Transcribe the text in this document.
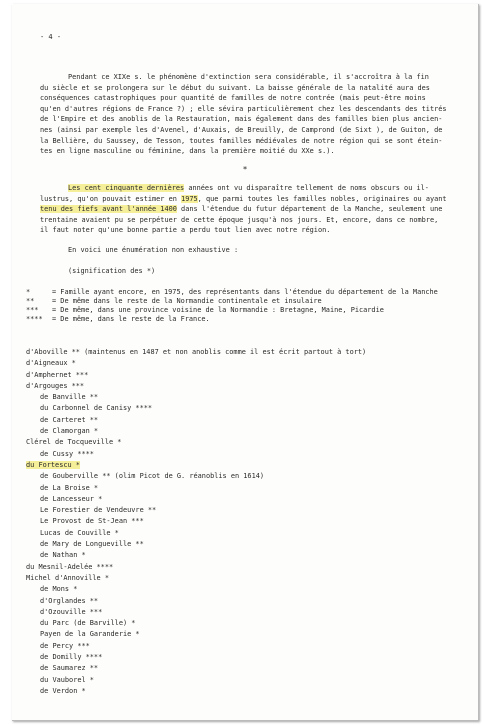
- 4 -

Pendant ce XIXe s. le phénomène d'extinction sera considérable, il s'accroîtra à la fin

du siècle et se prolongera sur le début du suivant. La baisse générale de la natalité aura des

conséquences catastrophiques pour quantité de familles de notre contrée (mais peut-être moins

qu'en d'autres régions de France ?) ; elle sévira particulièrement chez les descendants des titrés

de l'Empire et des anoblis de la Restauration, mais également dans des familles bien plus ancien-

nes (ainsi par exemple les d'Avenel, d'Auxais, de Breuilly, de Camprond (de Sixt ), de Guiton, de

la Bellière, du Saussey, de Tesson, toutes familles médiévales de notre région qui se sont étein-

tes en ligne masculine ou féminine, dans la première moitié du XXe s.).

*

Les cent cinquante dernières années ont vu disparaître tellement de noms obscurs ou il-

lustrus, qu'on pouvait estimer en 1975, que parmi toutes les familles nobles, originaires ou ayant

tenu des fiefs avant l'année 1400 dans l'étendue du futur département de la Manche, seulement une

trentaine avaient pu se perpétuer de cette époque jusqu'à nos jours. Et, encore, dans ce nombre,

il faut noter qu'une bonne partie a perdu tout lien avec notre région.

En voici une énumération non exhaustive :
(signification des *)
*	= Famille ayant encore, en 1975, des représentants dans l'étendue du département de la Manche
**	= De même dans le reste de la Normandie continentale et insulaire
*** = De même, dans une province voisine de la Normandie : Bretagne, Maine, Picardie
**** = De même, dans le reste de la France.
d'Aboville ** (maintenus en 1487 et non anoblis comme il est écrit partout à tort)
d'Aigneaux *
d'Amphernet ***
d'Argouges ***
de Banville **
du Carbonnel de Canisy ****
de Carteret **
de Clamorgan *
Clérel de Tocqueville *
de Cussy ****
du Fortescu *
de Gouberville ** (olim Picot de G. réanoblis en 1614)
de La Broise *
de Lancesseur *
Le Forestier de Vendeuvre **
Le Provost de St-Jean ***
Lucas de Couville *
de Mary de Longueville **
de Nathan *
du Mesnil-Adelée ****
Michel d'Annoville *
de Mons *
d'Orglandes **
d'Ozouville ***
du Parc (de Barville) *
Payen de la Garanderie *
de Percy ***
de Domilly ****
de Saumarez **
du Vauborel *
de Verdon *
